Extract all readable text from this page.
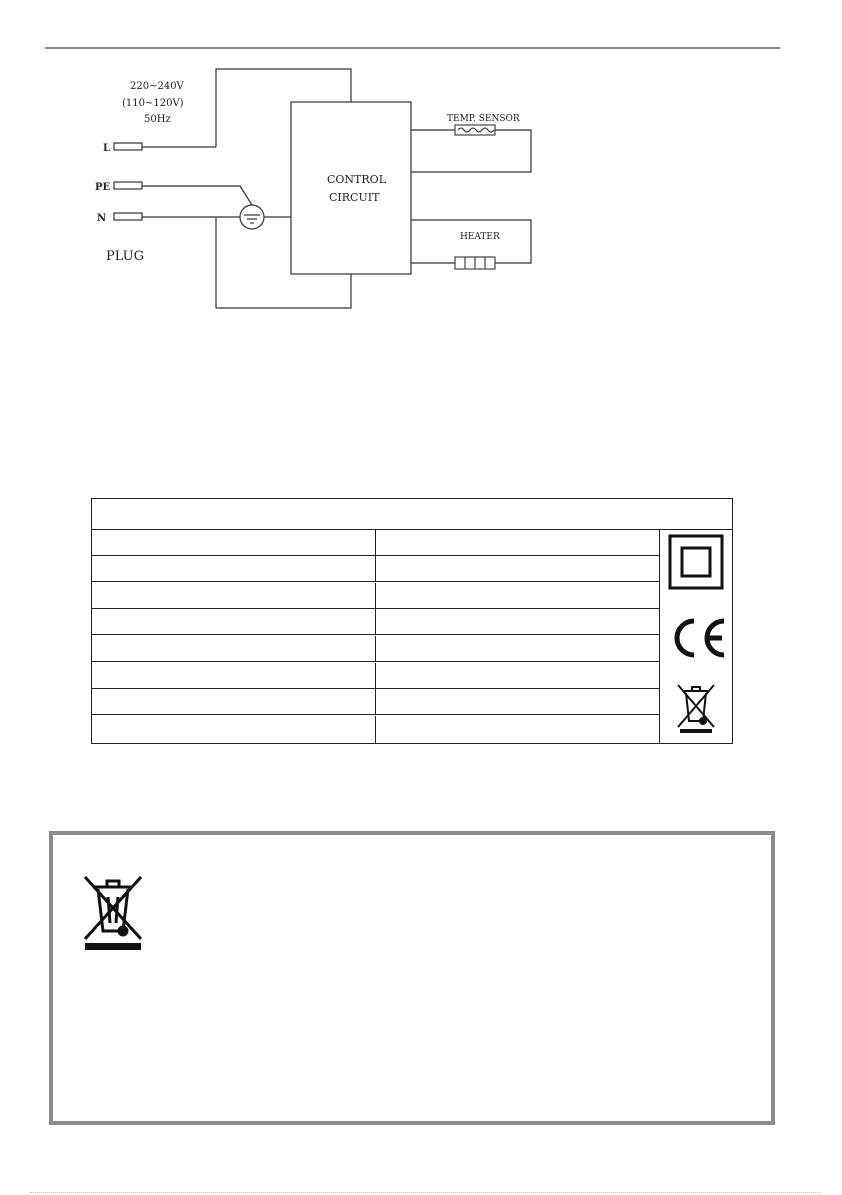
220~240V
(110~120V)
50Hz
L
PE
N
PLUG
CONTROL
CIRCUIT
TEMP. SENSOR
HEATER
